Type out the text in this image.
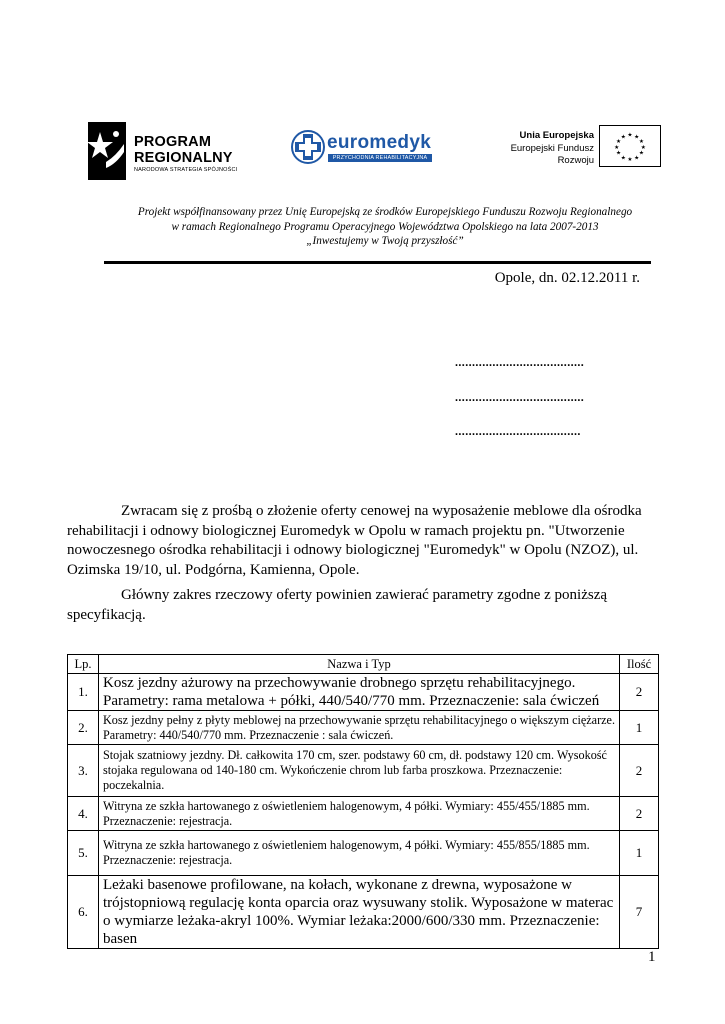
PROGRAM
REGIONALNY
NARODOWA STRATEGIA SPÓJNOŚCI
euromedyk
PRZYCHODNIA REHABILITACYJNA
Unia Europejska
Europejski Fundusz
Rozwoju
★ ★
★
★
★
★
★
★
★
★
★
★
Projekt współfinansowany przez Unię Europejską ze środków Europejskiego Funduszu Rozwoju Regionalnego
w ramach Regionalnego Programu Operacyjnego Województwa Opolskiego na lata 2007-2013
„Inwestujemy w Twoją przyszłość”
Opole, dn. 02.12.2011 r.
......................................
......................................
.....................................
Zwracam się z prośbą o złożenie oferty cenowej na wyposażenie meblowe dla ośrodka rehabilitacji i odnowy biologicznej Euromedyk w Opolu w ramach projektu pn. "Utworzenie nowoczesnego ośrodka rehabilitacji i odnowy biologicznej "Euromedyk" w Opolu (NZOZ), ul. Ozimska 19/10, ul. Podgórna, Kamienna, Opole.
Główny zakres rzeczowy oferty powinien zawierać parametry zgodne z poniższą specyfikacją.
Lp.	Nazwa i Typ	Ilość
1.	Kosz jezdny ażurowy na przechowywanie drobnego sprzętu rehabilitacyjnego. Parametry: rama metalowa + półki, 440/540/770 mm. Przeznaczenie: sala ćwiczeń	2
2.	Kosz jezdny pełny z płyty meblowej na przechowywanie sprzętu rehabilitacyjnego o większym ciężarze. Parametry: 440/540/770 mm. Przeznaczenie : sala ćwiczeń.	1
3.	Stojak szatniowy jezdny. Dł. całkowita 170 cm, szer. podstawy 60 cm, dł. podstawy 120 cm. Wysokość stojaka regulowana od 140-180 cm. Wykończenie chrom lub farba proszkowa. Przeznaczenie: poczekalnia.	2
4.	Witryna ze szkła hartowanego z oświetleniem halogenowym, 4 półki. Wymiary: 455/455/1885 mm. Przeznaczenie: rejestracja.	2
5.	Witryna ze szkła hartowanego z oświetleniem halogenowym, 4 półki. Wymiary: 455/855/1885 mm. Przeznaczenie: rejestracja.	1
6.	Leżaki basenowe profilowane, na kołach, wykonane z drewna, wyposażone w trójstopniową regulację konta oparcia oraz wysuwany stolik. Wyposażone w materac o wymiarze leżaka-akryl 100%. Wymiar leżaka:2000/600/330 mm. Przeznaczenie: basen	7
1
